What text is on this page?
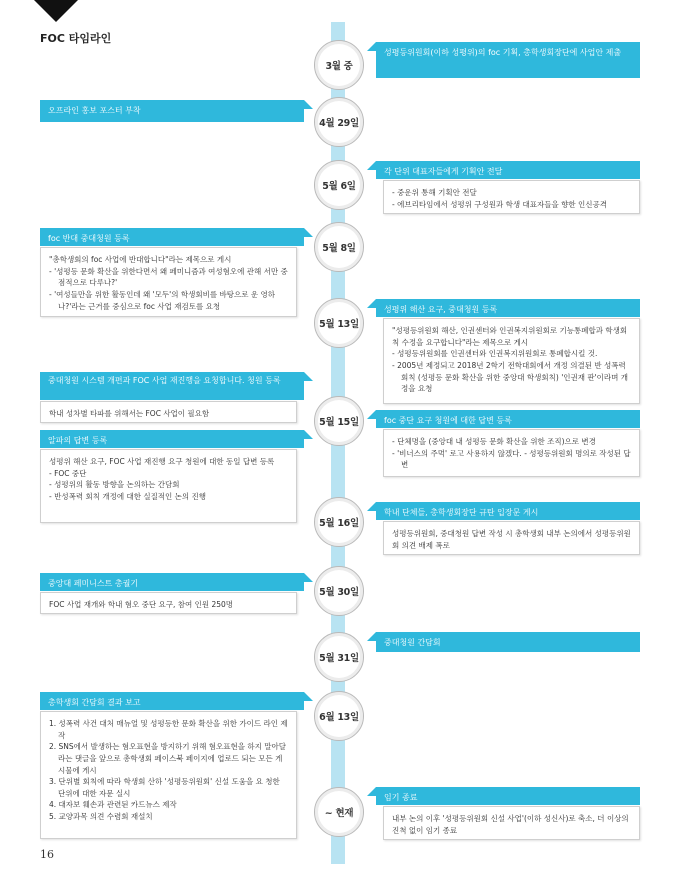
FOC 타임라인
3월 중
4월 29일
5월 6일
5월 8일
5월 13일
5월 15일
5월 16일
5월 30일
5월 31일
6월 13일
~ 현재
성평등위원회(이하 성평위)의 foc 기획, 총학생회장단에 사업안 제출
오프라인 홍보 포스터 부착
각 단위 대표자들에게 기획안 전달
- 중운위 통해 기획안 전달
- 에브리타임에서 성평위 구성원과 학생 대표자들을 향한 인신공격
foc 반대 중대청원 등록
"총학생회의 foc 사업에 반대합니다"라는 제목으로 게시
- '성평등 문화 확산을 위한다면서 왜 페미니즘과 여성혐오에 관해 서만 중점적으로 다루나?'
- '여성들만을 위한 활동인데 왜 '모두'의 학생회비를 바탕으로 운 영하나?'라는 근거를 중심으로 foc 사업 재검토를 요청	성평위 해산 요구, 중대청원 등록
"성평등위원회 해산, 인권센터와 인권복지위원회로 기능통폐합과 학생회칙 수정을 요구합니다"라는 제목으로 게시
- 성평등위원회를 인권센터와 인권복지위원회로 통폐합시킬 것.
- 2005년 제정되고 2018년 2학기 전학대회에서 개정 의결된 반 성폭력 회칙 (성평등 문화 확산을 위한 중앙대 학생회칙) '인권재 판'이라며 개정을 요청
중대청원 시스템 개편과 FOC 사업 재진행을 요청합니다. 청원 등록
학내 성차별 타파를 위해서는 FOC 사업이 필요함
foc 중단 요구 청원에 대한 답변 등록
- 단체명을 (중앙대 내 성평등 문화 확산을 위한 조직)으로 변경
- '비너스의 주먹' 로고 사용하지 않겠다. - 성평등위원회 명의로 작성된 답변
알파의 답변 등록
성평위 해산 요구, FOC 사업 재진행 요구 청원에 대한 동일 답변 등록
- FOC 중단
- 성평위의 활동 방향을 논의하는 간담회
- 반성폭력 회칙 개정에 대한 실질적인 논의 진행
학내 단체들, 총학생회장단 규탄 입장문 게시
성평등위원회, 중대청원 답변 작성 시 총학생회 내부 논의에서 성평등위원회 의견 배제 폭로
중앙대 페미니스트 총궐기
FOC 사업 재개와 학내 혐오 중단 요구, 참여 인원 250명
중대청원 간담회
총학생회 간담회 결과 보고
1. 성폭력 사건 대처 매뉴얼 및 성평등한 문화 확산을 위한 가이드 라인 제작
2. SNS에서 발생하는 혐오표현을 방지하기 위해 혐오표현을 하지 말아달라는 댓글을 앞으로 총학생회 페이스북 페이지에 업로드 되는 모든 게시물에 게시
3. 단위별 회칙에 따라 학생회 산하 '성평등위원회' 신설 도움을 요 청한 단위에 대한 자문 실시
4. 대자보 훼손과 관련된 카드뉴스 제작
5. 교양과목 의견 수렴회 재설치
임기 종료
내부 논의 이후 '성평등위원회 신설 사업'(이하 성신사)로 축소, 더 이상의 진척 없이 임기 종료
16
